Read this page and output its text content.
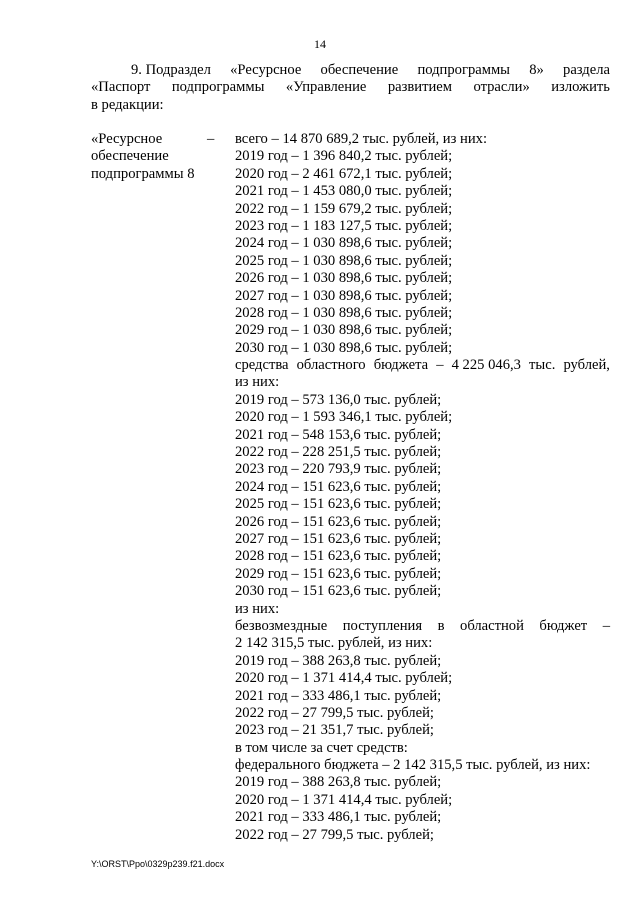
14
9. Подраздел «Ресурсное обеспечение подпрограммы 8» раздела
«Паспорт подпрограммы «Управление развитием отрасли» изложить
в редакции:
«Ресурсное
обеспечение
подпрограммы 8
– всего – 14 870 689,2 тыс. рублей, из них:
2019 год – 1 396 840,2 тыс. рублей;
2020 год – 2 461 672,1 тыс. рублей;
2021 год – 1 453 080,0 тыс. рублей;
2022 год – 1 159 679,2 тыс. рублей;
2023 год – 1 183 127,5 тыс. рублей;
2024 год – 1 030 898,6 тыс. рублей;
2025 год – 1 030 898,6 тыс. рублей;
2026 год – 1 030 898,6 тыс. рублей;
2027 год – 1 030 898,6 тыс. рублей;
2028 год – 1 030 898,6 тыс. рублей;
2029 год – 1 030 898,6 тыс. рублей;
2030 год – 1 030 898,6 тыс. рублей;
средства областного бюджета – 4 225 046,3 тыс. рублей,
из них:
2019 год – 573 136,0 тыс. рублей;
2020 год – 1 593 346,1 тыс. рублей;
2021 год – 548 153,6 тыс. рублей;
2022 год – 228 251,5 тыс. рублей;
2023 год – 220 793,9 тыс. рублей;
2024 год – 151 623,6 тыс. рублей;
2025 год – 151 623,6 тыс. рублей;
2026 год – 151 623,6 тыс. рублей;
2027 год – 151 623,6 тыс. рублей;
2028 год – 151 623,6 тыс. рублей;
2029 год – 151 623,6 тыс. рублей;
2030 год – 151 623,6 тыс. рублей;
из них:
безвозмездные поступления в областной бюджет –
2 142 315,5 тыс. рублей, из них:
2019 год – 388 263,8 тыс. рублей;
2020 год – 1 371 414,4 тыс. рублей;
2021 год – 333 486,1 тыс. рублей;
2022 год – 27 799,5 тыс. рублей;
2023 год – 21 351,7 тыс. рублей;
в том числе за счет средств:
федерального бюджета – 2 142 315,5 тыс. рублей, из них:
2019 год – 388 263,8 тыс. рублей;
2020 год – 1 371 414,4 тыс. рублей;
2021 год – 333 486,1 тыс. рублей;
2022 год – 27 799,5 тыс. рублей;
Y:\ORST\Ppo\0329p239.f21.docx
